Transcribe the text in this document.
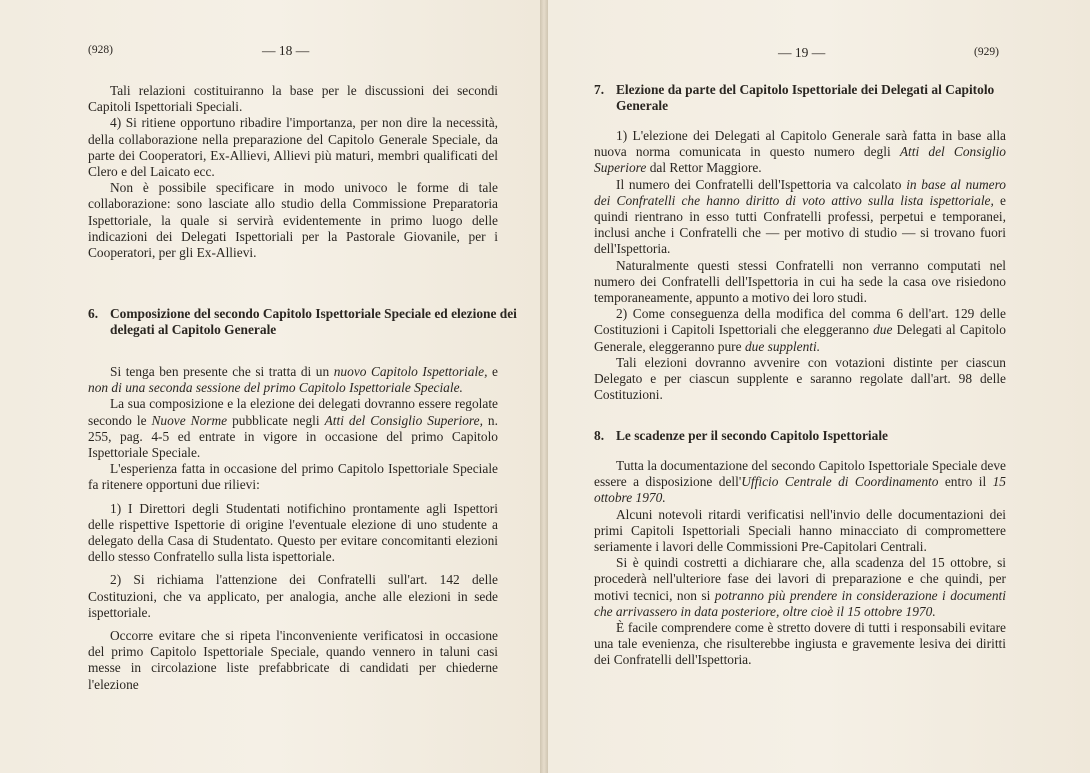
(928)	— 18 —

Tali relazioni costituiranno la base per le discussioni dei secondi Capitoli Ispettoriali Speciali.

4) Si ritiene opportuno ribadire l'importanza, per non dire la necessità, della collaborazione nella preparazione del Capitolo Generale Speciale, da parte dei Cooperatori, Ex-Allievi, Allievi più maturi, membri qualificati del Clero e del Laicato ecc.

Non è possibile specificare in modo univoco le forme di tale collaborazione: sono lasciate allo studio della Commissione Preparatoria Ispettoriale, la quale si servirà evidentemente in primo luogo delle indicazioni dei Delegati Ispettoriali per la Pastorale Giovanile, per i Cooperatori, per gli Ex-Allievi.

6. Composizione del secondo Capitolo Ispettoriale Speciale ed elezione dei delegati al Capitolo Generale

Si tenga ben presente che si tratta di un nuovo Capitolo Ispettoriale, e non di una seconda sessione del primo Capitolo Ispettoriale Speciale.

La sua composizione e la elezione dei delegati dovranno essere regolate secondo le Nuove Norme pubblicate negli Atti del Consiglio Superiore, n. 255, pag. 4-5 ed entrate in vigore in occasione del primo Capitolo Ispettoriale Speciale.

L'esperienza fatta in occasione del primo Capitolo Ispettoriale Speciale fa ritenere opportuni due rilievi:

1) I Direttori degli Studentati notifichino prontamente agli Ispettori delle rispettive Ispettorie di origine l'eventuale elezione di uno studente a delegato della Casa di Studentato. Questo per evitare concomitanti elezioni dello stesso Confratello sulla lista ispettoriale.

2) Si richiama l'attenzione dei Confratelli sull'art. 142 delle Costituzioni, che va applicato, per analogia, anche alle elezioni in sede ispettoriale.

Occorre evitare che si ripeta l'inconveniente verificatosi in occasione del primo Capitolo Ispettoriale Speciale, quando vennero in taluni casi messe in circolazione liste prefabbricate di candidati per chiederne l'elezione

— 19 —	(929)
7. Elezione da parte del Capitolo Ispettoriale dei Delegati al Capitolo Generale

1) L'elezione dei Delegati al Capitolo Generale sarà fatta in base alla nuova norma comunicata in questo numero degli Atti del Consiglio Superiore dal Rettor Maggiore.

Il numero dei Confratelli dell'Ispettoria va calcolato in base al numero dei Confratelli che hanno diritto di voto attivo sulla lista ispettoriale, e quindi rientrano in esso tutti Confratelli professi, perpetui e temporanei, inclusi anche i Confratelli che — per motivo di studio — si trovano fuori dell'Ispettoria.

Naturalmente questi stessi Confratelli non verranno computati nel numero dei Confratelli dell'Ispettoria in cui ha sede la casa ove risiedono temporaneamente, appunto a motivo dei loro studi.

2) Come conseguenza della modifica del comma 6 dell'art. 129 delle Costituzioni i Capitoli Ispettoriali che eleggeranno due Delegati al Capitolo Generale, eleggeranno pure due supplenti.

Tali elezioni dovranno avvenire con votazioni distinte per ciascun Delegato e per ciascun supplente e saranno regolate dall'art. 98 delle Costituzioni.

8. Le scadenze per il secondo Capitolo Ispettoriale

Tutta la documentazione del secondo Capitolo Ispettoriale Speciale deve essere a disposizione dell'Ufficio Centrale di Coordinamento entro il 15 ottobre 1970.

Alcuni notevoli ritardi verificatisi nell'invio delle documentazioni dei primi Capitoli Ispettoriali Speciali hanno minacciato di compromettere seriamente i lavori delle Commissioni Pre-Capitolari Centrali.

Si è quindi costretti a dichiarare che, alla scadenza del 15 ottobre, si procederà nell'ulteriore fase dei lavori di preparazione e che quindi, per motivi tecnici, non si potranno più prendere in considerazione i documenti che arrivassero in data posteriore, oltre cioè il 15 ottobre 1970.

È facile comprendere come è stretto dovere di tutti i responsabili evitare una tale evenienza, che risulterebbe ingiusta e gravemente lesiva dei diritti dei Confratelli dell'Ispettoria.
